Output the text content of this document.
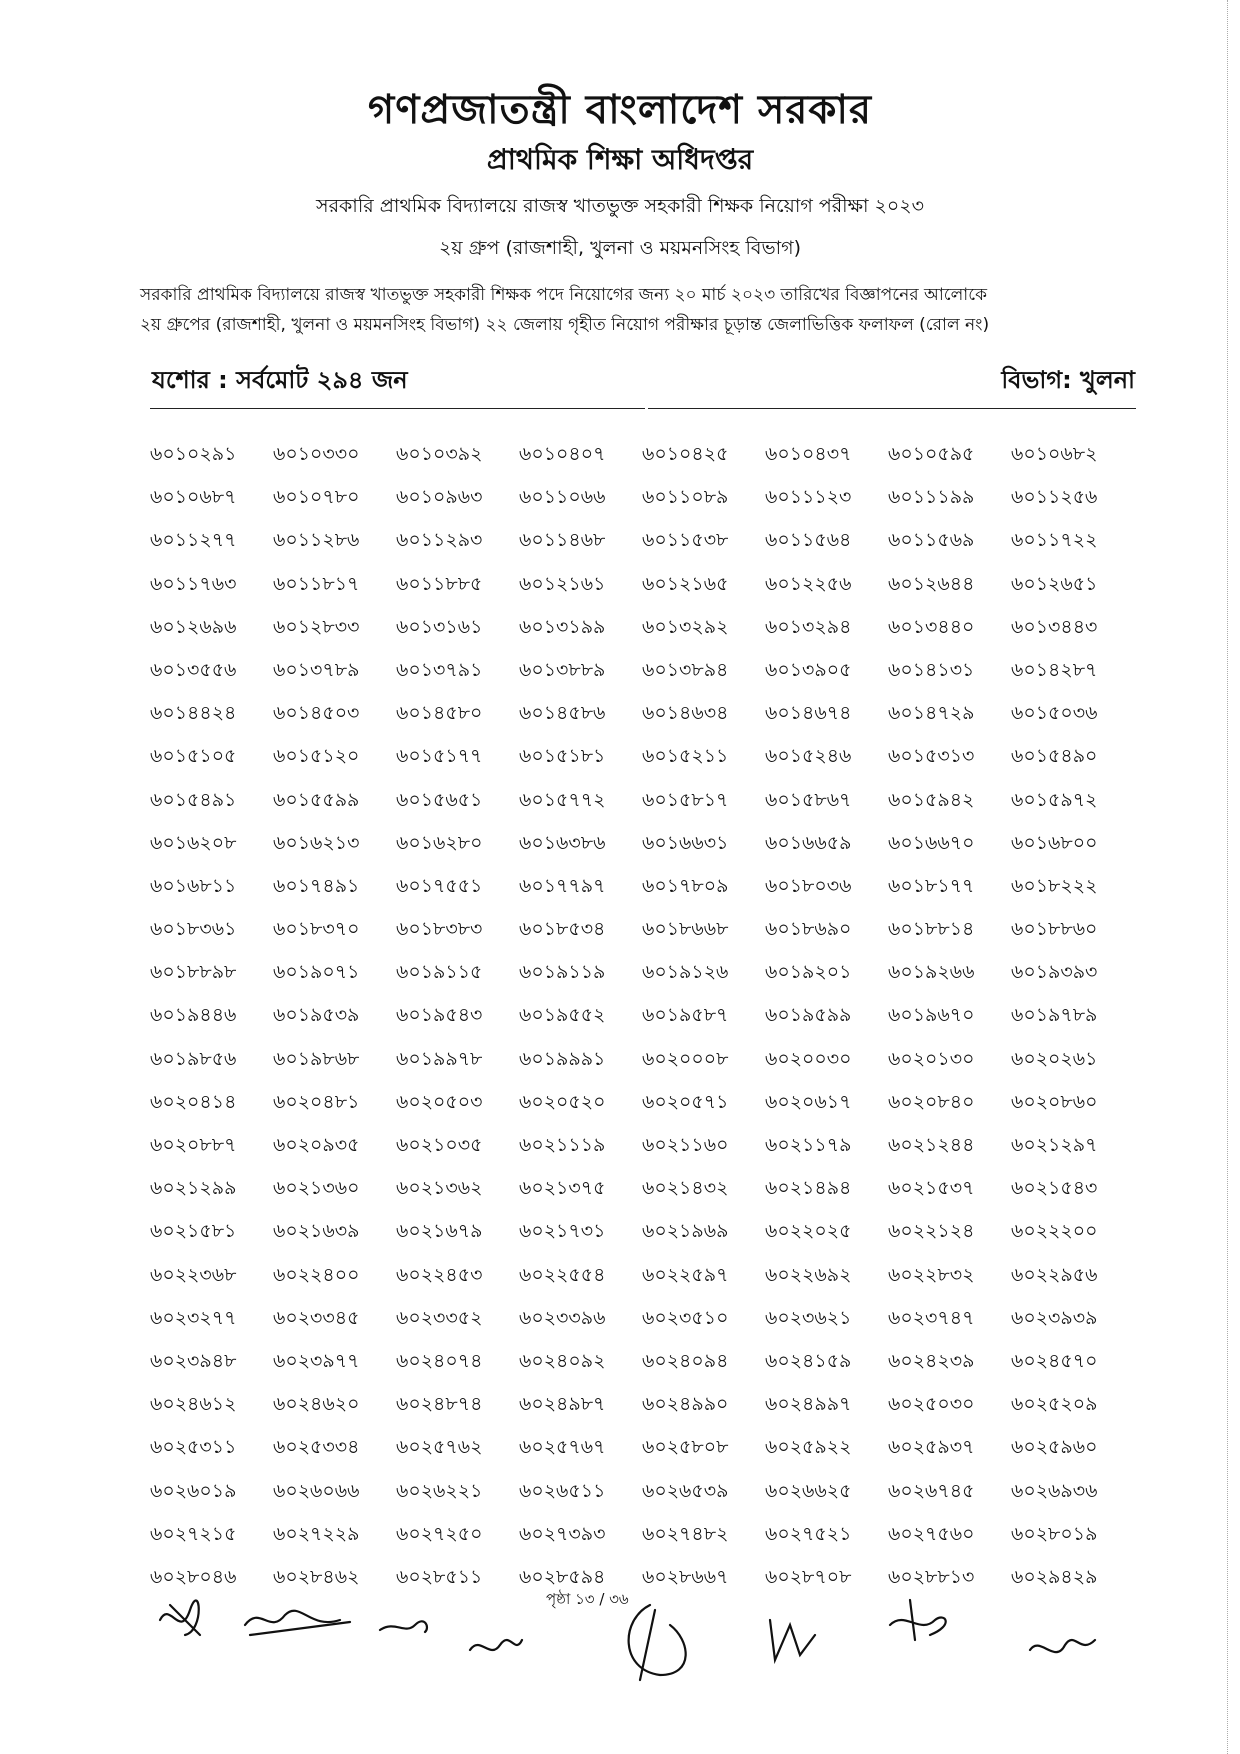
গণপ্রজাতন্ত্রী বাংলাদেশ সরকার
প্রাথমিক শিক্ষা অধিদপ্তর
সরকারি প্রাথমিক বিদ্যালয়ে রাজস্ব খাতভুক্ত সহকারী শিক্ষক নিয়োগ পরীক্ষা ২০২৩
২য় গ্রুপ (রাজশাহী, খুলনা ও ময়মনসিংহ বিভাগ)
সরকারি প্রাথমিক বিদ্যালয়ে রাজস্ব খাতভুক্ত সহকারী শিক্ষক পদে নিয়োগের জন্য ২০ মার্চ ২০২৩ তারিখের বিজ্ঞাপনের আলোকে
২য় গ্রুপের (রাজশাহী, খুলনা ও ময়মনসিংহ বিভাগ) ২২ জেলায় গৃহীত নিয়োগ পরীক্ষার চূড়ান্ত জেলাভিত্তিক ফলাফল (রোল নং)
যশোর : সর্বমোট ২৯৪ জন	বিভাগ: খুলনা
৬০১০২৯১	৬০১০৩৩০	৬০১০৩৯২	৬০১০৪০৭	৬০১০৪২৫	৬০১০৪৩৭	৬০১০৫৯৫	৬০১০৬৮২
৬০১০৬৮৭	৬০১০৭৮০	৬০১০৯৬৩	৬০১১০৬৬	৬০১১০৮৯	৬০১১১২৩	৬০১১১৯৯	৬০১১২৫৬
৬০১১২৭৭	৬০১১২৮৬	৬০১১২৯৩	৬০১১৪৬৮	৬০১১৫৩৮	৬০১১৫৬৪	৬০১১৫৬৯	৬০১১৭২২
৬০১১৭৬৩	৬০১১৮১৭	৬০১১৮৮৫	৬০১২১৬১	৬০১২১৬৫	৬০১২২৫৬	৬০১২৬৪৪	৬০১২৬৫১
৬০১২৬৯৬	৬০১২৮৩৩	৬০১৩১৬১	৬০১৩১৯৯	৬০১৩২৯২	৬০১৩২৯৪	৬০১৩৪৪০	৬০১৩৪৪৩
৬০১৩৫৫৬	৬০১৩৭৮৯	৬০১৩৭৯১	৬০১৩৮৮৯	৬০১৩৮৯৪	৬০১৩৯০৫	৬০১৪১৩১	৬০১৪২৮৭
৬০১৪৪২৪	৬০১৪৫০৩	৬০১৪৫৮০	৬০১৪৫৮৬	৬০১৪৬৩৪	৬০১৪৬৭৪	৬০১৪৭২৯	৬০১৫০৩৬
৬০১৫১০৫	৬০১৫১২০	৬০১৫১৭৭	৬০১৫১৮১	৬০১৫২১১	৬০১৫২৪৬	৬০১৫৩১৩	৬০১৫৪৯০
৬০১৫৪৯১	৬০১৫৫৯৯	৬০১৫৬৫১	৬০১৫৭৭২	৬০১৫৮১৭	৬০১৫৮৬৭	৬০১৫৯৪২	৬০১৫৯৭২
৬০১৬২০৮	৬০১৬২১৩	৬০১৬২৮০	৬০১৬৩৮৬	৬০১৬৬৩১	৬০১৬৬৫৯	৬০১৬৬৭০	৬০১৬৮০০
৬০১৬৮১১	৬০১৭৪৯১	৬০১৭৫৫১	৬০১৭৭৯৭	৬০১৭৮০৯	৬০১৮০৩৬	৬০১৮১৭৭	৬০১৮২২২
৬০১৮৩৬১	৬০১৮৩৭০	৬০১৮৩৮৩	৬০১৮৫৩৪	৬০১৮৬৬৮	৬০১৮৬৯০	৬০১৮৮১৪	৬০১৮৮৬০
৬০১৮৮৯৮	৬০১৯০৭১	৬০১৯১১৫	৬০১৯১১৯	৬০১৯১২৬	৬০১৯২০১	৬০১৯২৬৬	৬০১৯৩৯৩
৬০১৯৪৪৬	৬০১৯৫৩৯	৬০১৯৫৪৩	৬০১৯৫৫২	৬০১৯৫৮৭	৬০১৯৫৯৯	৬০১৯৬৭০	৬০১৯৭৮৯
৬০১৯৮৫৬	৬০১৯৮৬৮	৬০১৯৯৭৮	৬০১৯৯৯১	৬০২০০০৮	৬০২০০৩০	৬০২০১৩০	৬০২০২৬১
৬০২০৪১৪	৬০২০৪৮১	৬০২০৫০৩	৬০২০৫২০	৬০২০৫৭১	৬০২০৬১৭	৬০২০৮৪০	৬০২০৮৬০
৬০২০৮৮৭	৬০২০৯৩৫	৬০২১০৩৫	৬০২১১১৯	৬০২১১৬০	৬০২১১৭৯	৬০২১২৪৪	৬০২১২৯৭
৬০২১২৯৯	৬০২১৩৬০	৬০২১৩৬২	৬০২১৩৭৫	৬০২১৪৩২	৬০২১৪৯৪	৬০২১৫৩৭	৬০২১৫৪৩
৬০২১৫৮১	৬০২১৬৩৯	৬০২১৬৭৯	৬০২১৭৩১	৬০২১৯৬৯	৬০২২০২৫	৬০২২১২৪	৬০২২২০০
৬০২২৩৬৮	৬০২২৪০০	৬০২২৪৫৩	৬০২২৫৫৪	৬০২২৫৯৭	৬০২২৬৯২	৬০২২৮৩২	৬০২২৯৫৬
৬০২৩২৭৭	৬০২৩৩৪৫	৬০২৩৩৫২	৬০২৩৩৯৬	৬০২৩৫১০	৬০২৩৬২১	৬০২৩৭৪৭	৬০২৩৯৩৯
৬০২৩৯৪৮	৬০২৩৯৭৭	৬০২৪০৭৪	৬০২৪০৯২	৬০২৪০৯৪	৬০২৪১৫৯	৬০২৪২৩৯	৬০২৪৫৭০
৬০২৪৬১২	৬০২৪৬২০	৬০২৪৮৭৪	৬০২৪৯৮৭	৬০২৪৯৯০	৬০২৪৯৯৭	৬০২৫০৩০	৬০২৫২০৯
৬০২৫৩১১	৬০২৫৩৩৪	৬০২৫৭৬২	৬০২৫৭৬৭	৬০২৫৮০৮	৬০২৫৯২২	৬০২৫৯৩৭	৬০২৫৯৬০
৬০২৬০১৯	৬০২৬০৬৬	৬০২৬২২১	৬০২৬৫১১	৬০২৬৫৩৯	৬০২৬৬২৫	৬০২৬৭৪৫	৬০২৬৯৩৬
৬০২৭২১৫	৬০২৭২২৯	৬০২৭২৫০	৬০২৭৩৯৩	৬০২৭৪৮২	৬০২৭৫২১	৬০২৭৫৬০	৬০২৮০১৯
৬০২৮০৪৬	৬০২৮৪৬২	৬০২৮৫১১	৬০২৮৫৯৪	৬০২৮৬৬৭	৬০২৮৭০৮	৬০২৮৮১৩	৬০২৯৪২৯
পৃষ্ঠা ১৩ / ৩৬
